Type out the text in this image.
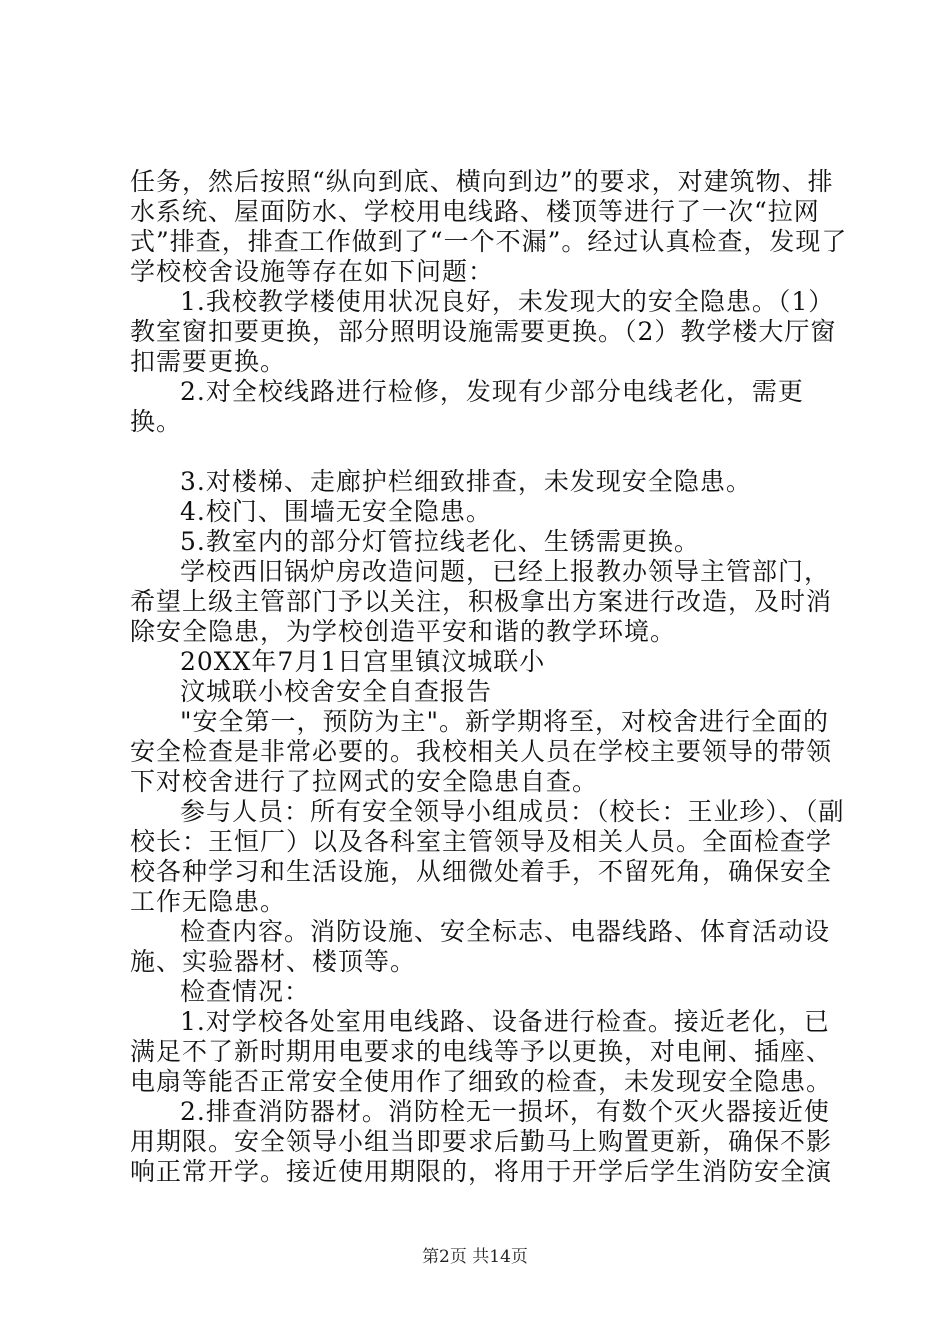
任务，然后按照“纵向到底、横向到边”的要求，对建筑物、排水系统、屋面防水、学校用电线路、楼顶等进行了一次“拉网式”排查，排查工作做到了“一个不漏”。经过认真检查，发现了学校校舍设施等存在如下问题：

1.我校教学楼使用状况良好，未发现大的安全隐患。（1）教室窗扣要更换，部分照明设施需要更换。（2）教学楼大厅窗扣需要更换。

2.对全校线路进行检修，发现有少部分电线老化，需更换。

3.对楼梯、走廊护栏细致排查，未发现安全隐患。

4.校门、围墙无安全隐患。

5.教室内的部分灯管拉线老化、生锈需更换。

学校西旧锅炉房改造问题，已经上报教办领导主管部门，希望上级主管部门予以关注，积极拿出方案进行改造，及时消除安全隐患，为学校创造平安和谐的教学环境。

20XX年7月1日宫里镇汶城联小

汶城联小校舍安全自查报告

"安全第一，预防为主"。新学期将至，对校舍进行全面的安全检查是非常必要的。我校相关人员在学校主要领导的带领下对校舍进行了拉网式的安全隐患自查。

参与人员：所有安全领导小组成员：（校长：王业珍）、（副校长：王恒厂）以及各科室主管领导及相关人员。全面检查学校各种学习和生活设施，从细微处着手，不留死角，确保安全工作无隐患。

检查内容。消防设施、安全标志、电器线路、体育活动设施、实验器材、楼顶等。

检查情况：

1.对学校各处室用电线路、设备进行检查。接近老化，已满足不了新时期用电要求的电线等予以更换，对电闸、插座、电扇等能否正常安全使用作了细致的检查，未发现安全隐患。

2.排查消防器材。消防栓无一损坏，有数个灭火器接近使用期限。安全领导小组当即要求后勤马上购置更新，确保不影响正常开学。接近使用期限的，将用于开学后学生消防安全演

第2页 共14页
